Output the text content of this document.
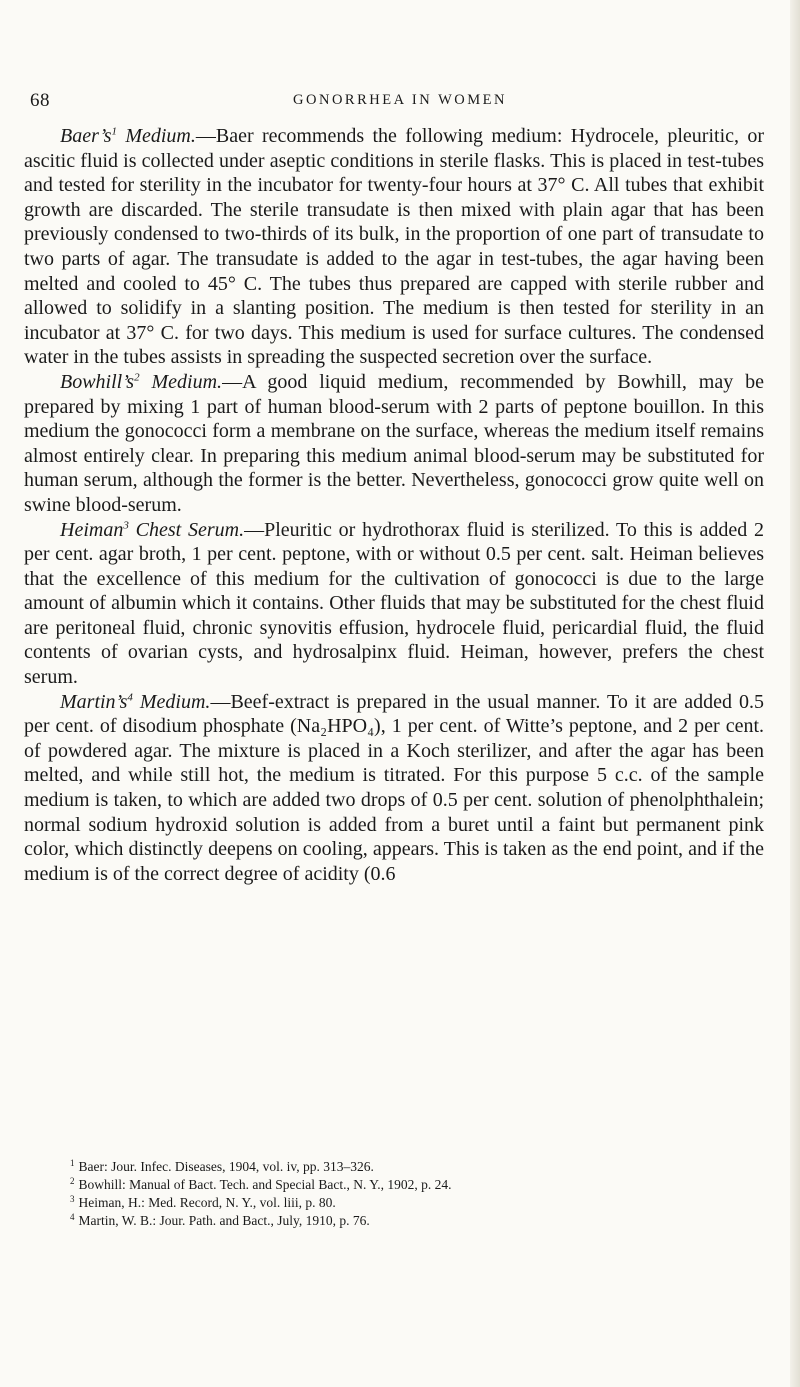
68	GONORRHEA IN WOMEN

$Baer’s^1$ Medium.—Baer recommends the following medium: Hydrocele, pleuritic, or ascitic fluid is collected under aseptic conditions in sterile flasks. This is placed in test-tubes and tested for sterility in the incubator for twenty-four hours at 37° C. All tubes that exhibit growth are discarded. The sterile transudate is then mixed with plain agar that has been previously condensed to two-thirds of its bulk, in the proportion of one part of transudate to two parts of agar. The transudate is added to the agar in test-tubes, the agar having been melted and cooled to 45° C. The tubes thus prepared are capped with sterile rubber and allowed to solidify in a slanting position. The medium is then tested for sterility in an incubator at 37° C. for two days. This medium is used for surface cultures. The condensed water in the tubes assists in spreading the suspected secretion over the surface.

$Bowhill’s^2$ Medium.—A good liquid medium, recommended by Bowhill, may be prepared by mixing 1 part of human blood-serum with 2 parts of peptone bouillon. In this medium the gonococci form a membrane on the surface, whereas the medium itself remains almost entirely clear. In preparing this medium animal blood-serum may be substituted for human serum, although the former is the better. Nevertheless, gonococci grow quite well on swine blood-serum.

Heiman$^3$ Chest Serum.—Pleuritic or hydrothorax fluid is sterilized. To this is added 2 per cent. agar broth, 1 per cent. peptone, with or without 0.5 per cent. salt. Heiman believes that the excellence of this medium for the cultivation of gonococci is due to the large amount of albumin which it contains. Other fluids that may be substituted for the chest fluid are peritoneal fluid, chronic synovitis effusion, hydrocele fluid, pericardial fluid, the fluid contents of ovarian cysts, and hydrosalpinx fluid. Heiman, however, prefers the chest serum.

$Martin’s^4$ Medium.—Beef-extract is prepared in the usual manner. To it are added 0.5 per cent. of disodium phosphate (Na₂HPO₄), 1 per cent. of Witte’s peptone, and 2 per cent. of powdered agar. The mixture is placed in a Koch sterilizer, and after the agar has been melted, and while still hot, the medium is titrated. For this purpose 5 c.c. of the sample medium is taken, to which are added two drops of 0.5 per cent. solution of phenolphthalein; normal sodium hydroxid solution is added from a buret until a faint but permanent pink color, which distinctly deepens on cooling, appears. This is taken as the end point, and if the medium is of the correct degree of acidity (0.6

$^1$ Baer: Jour. Infec. Diseases, 1904, vol. iv, pp. 313–326.

$^2$ Bowhill: Manual of Bact. Tech. and Special Bact., N. Y., 1902, p. 24.

$^3$ Heiman, H.: Med. Record, N. Y., vol. liii, p. 80.

$^4$ Martin, W. B.: Jour. Path. and Bact., July, 1910, p. 76.
